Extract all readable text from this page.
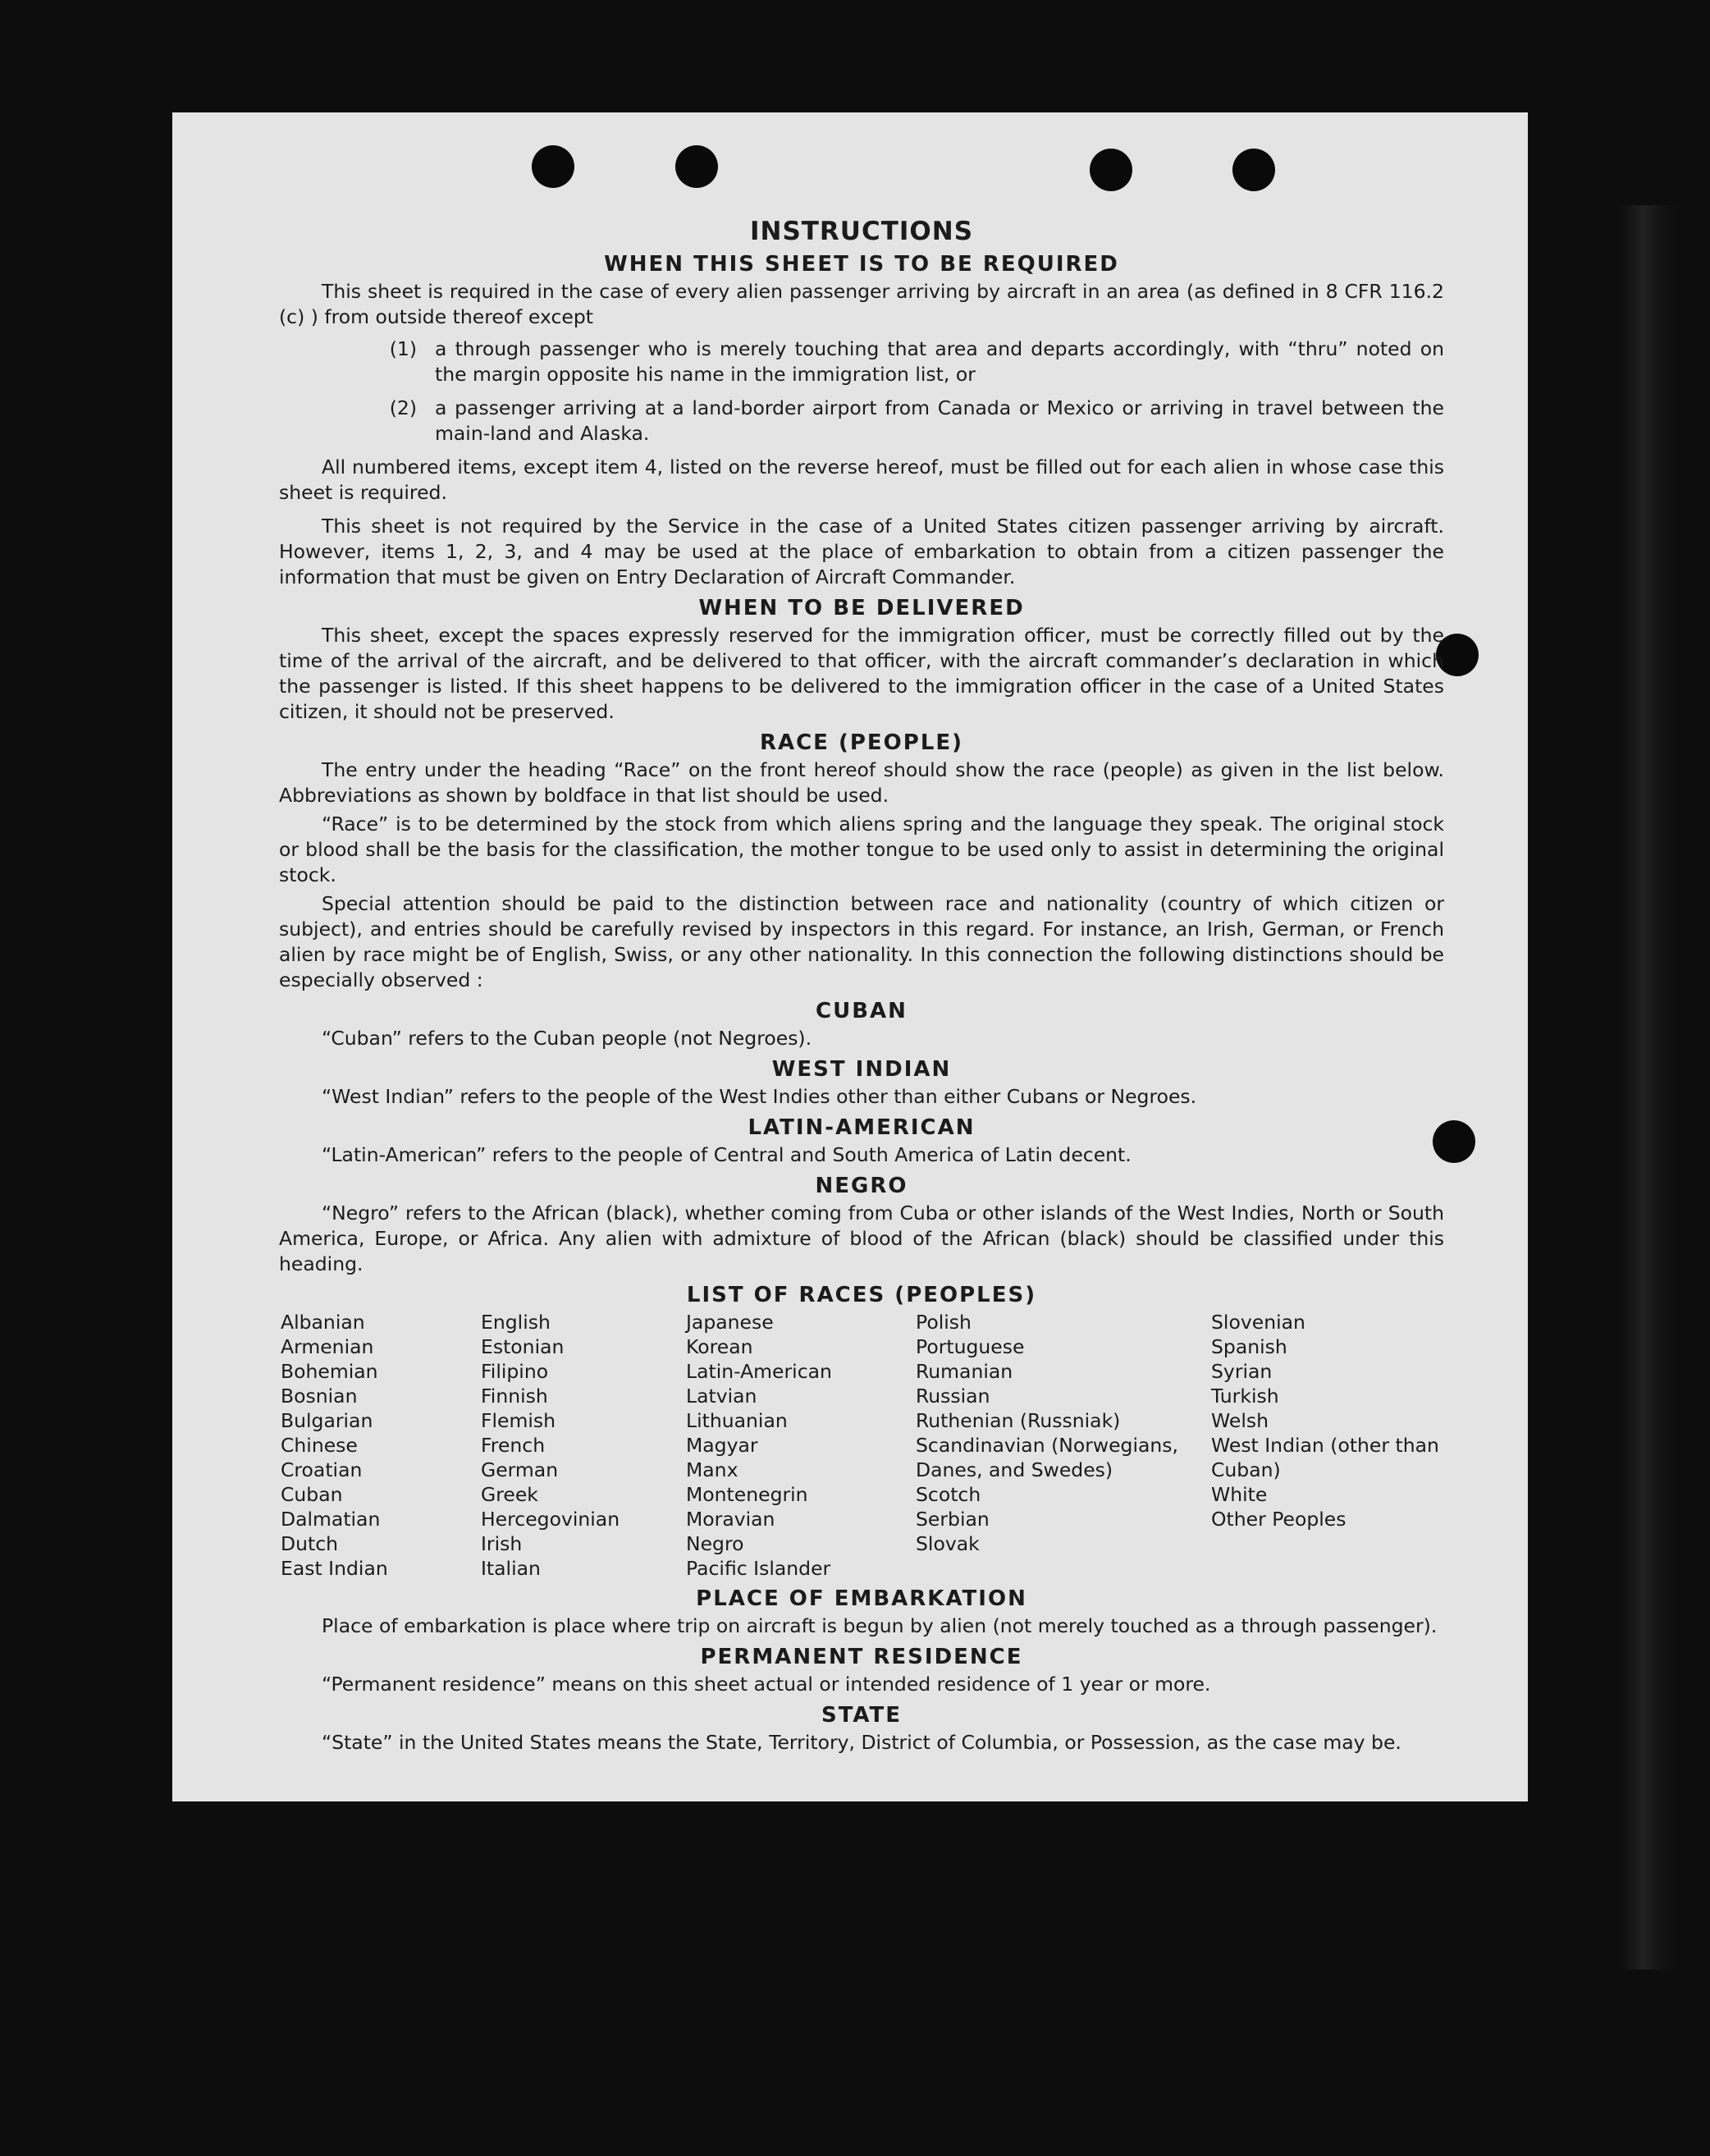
INSTRUCTIONS
WHEN THIS SHEET IS TO BE REQUIRED

This sheet is required in the case of every alien passenger arriving by aircraft in an area (as defined in 8 CFR 116.2 (c) ) from outside thereof except

(1) a through passenger who is merely touching that area and departs accordingly, with “thru” noted on the margin opposite his name in the immigration list, or
(2) a passenger arriving at a land-border airport from Canada or Mexico or arriving in travel between the main-land and Alaska.

All numbered items, except item 4, listed on the reverse hereof, must be filled out for each alien in whose case this sheet is required.

This sheet is not required by the Service in the case of a United States citizen passenger arriving by aircraft. However, items 1, 2, 3, and 4 may be used at the place of embarkation to obtain from a citizen passenger the information that must be given on Entry Declaration of Aircraft Commander.

WHEN TO BE DELIVERED

This sheet, except the spaces expressly reserved for the immigration officer, must be correctly filled out by the time of the arrival of the aircraft, and be delivered to that officer, with the aircraft commander’s declaration in which the passenger is listed. If this sheet happens to be delivered to the immigration officer in the case of a United States citizen, it should not be preserved.

RACE (PEOPLE)

The entry under the heading “Race” on the front hereof should show the race (people) as given in the list below. Abbreviations as shown by boldface in that list should be used.

“Race” is to be determined by the stock from which aliens spring and the language they speak. The original stock or blood shall be the basis for the classification, the mother tongue to be used only to assist in determining the original stock.

Special attention should be paid to the distinction between race and nationality (country of which citizen or subject), and entries should be carefully revised by inspectors in this regard. For instance, an Irish, German, or French alien by race might be of English, Swiss, or any other nationality. In this connection the following distinctions should be especially observed :

CUBAN

“Cuban” refers to the Cuban people (not Negroes).

WEST INDIAN

“West Indian” refers to the people of the West Indies other than either Cubans or Negroes.

LATIN-AMERICAN

“Latin-American” refers to the people of Central and South America of Latin decent.

NEGRO

“Negro” refers to the African (black), whether coming from Cuba or other islands of the West Indies, North or South America, Europe, or Africa. Any alien with admixture of blood of the African (black) should be classified under this heading.

LIST OF RACES (PEOPLES)
Albanian
Armenian
Bohemian
Bosnian
Bulgarian
Chinese
Croatian
Cuban
Dalmatian
Dutch
East Indian
English
Estonian
Filipino
Finnish
Flemish
French
German
Greek
Hercegovinian
Irish
Italian
Japanese
Korean
Latin-American
Latvian
Lithuanian
Magyar
Manx
Montenegrin
Moravian
Negro
Pacific Islander
Polish
Portuguese
Rumanian
Russian
Ruthenian (Russniak)
Scandinavian (Norwegians, Danes, and Swedes)
Scotch
Serbian
Slovak
Slovenian
Spanish
Syrian
Turkish
Welsh
West Indian (other than Cuban)
White
Other Peoples
PLACE OF EMBARKATION

Place of embarkation is place where trip on aircraft is begun by alien (not merely touched as a through passenger).

PERMANENT RESIDENCE

“Permanent residence” means on this sheet actual or intended residence of 1 year or more.

STATE

“State” in the United States means the State, Territory, District of Columbia, or Possession, as the case may be.
